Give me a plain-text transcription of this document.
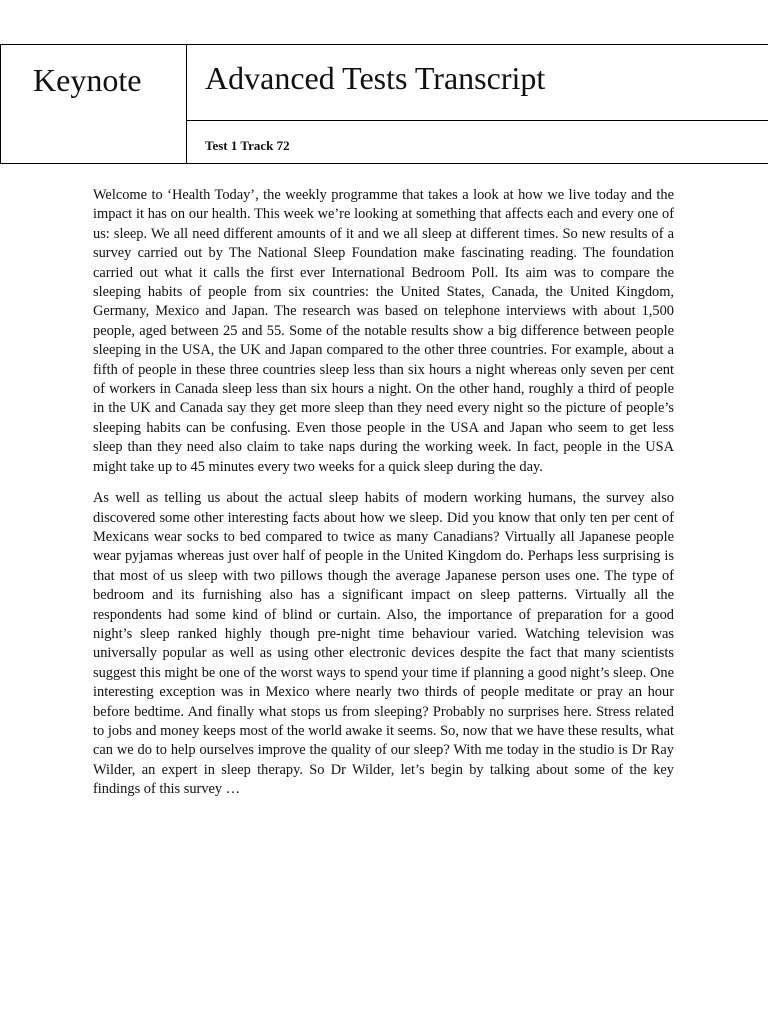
Keynote Advanced Tests Transcript
Test 1 Track 72

Welcome to ‘Health Today’, the weekly programme that takes a look at how we live today and the impact it has on our health. This week we’re looking at something that affects each and every one of us: sleep. We all need different amounts of it and we all sleep at different times. So new results of a survey carried out by The National Sleep Foundation make fascinating reading. The foundation carried out what it calls the first ever International Bedroom Poll. Its aim was to compare the sleeping habits of people from six countries: the United States, Canada, the United Kingdom, Germany, Mexico and Japan. The research was based on telephone interviews with about 1,500 people, aged between 25 and 55. Some of the notable results show a big difference between people sleeping in the USA, the UK and Japan compared to the other three countries. For example, about a fifth of people in these three countries sleep less than six hours a night whereas only seven per cent of workers in Canada sleep less than six hours a night. On the other hand, roughly a third of people in the UK and Canada say they get more sleep than they need every night so the picture of people’s sleeping habits can be confusing. Even those people in the USA and Japan who seem to get less sleep than they need also claim to take naps during the working week. In fact, people in the USA might take up to 45 minutes every two weeks for a quick sleep during the day.

As well as telling us about the actual sleep habits of modern working humans, the survey also discovered some other interesting facts about how we sleep. Did you know that only ten per cent of Mexicans wear socks to bed compared to twice as many Canadians? Virtually all Japanese people wear pyjamas whereas just over half of people in the United Kingdom do. Perhaps less surprising is that most of us sleep with two pillows though the average Japanese person uses one. The type of bedroom and its furnishing also has a significant impact on sleep patterns. Virtually all the respondents had some kind of blind or curtain. Also, the importance of preparation for a good night’s sleep ranked highly though pre-night time behaviour varied. Watching television was universally popular as well as using other electronic devices despite the fact that many scientists suggest this might be one of the worst ways to spend your time if planning a good night’s sleep. One interesting exception was in Mexico where nearly two thirds of people meditate or pray an hour before bedtime. And finally what stops us from sleeping? Probably no surprises here. Stress related to jobs and money keeps most of the world awake it seems. So, now that we have these results, what can we do to help ourselves improve the quality of our sleep? With me today in the studio is Dr Ray Wilder, an expert in sleep therapy. So Dr Wilder, let’s begin by talking about some of the key findings of this survey …
